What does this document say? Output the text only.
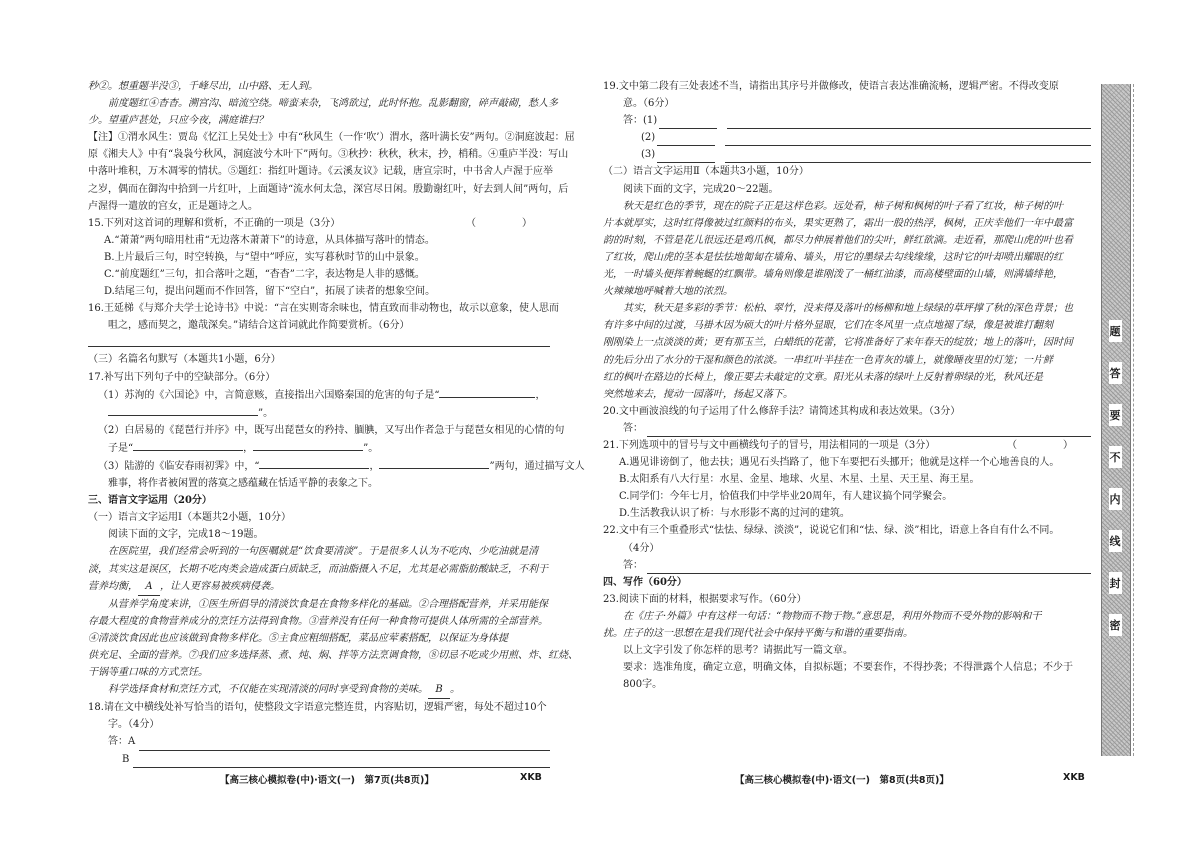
秒②。想重题半没③，千峰尽出，山中路、无人到。
前度题红④杳杳。溯宫沟、暗流空绕。啼蛮来杂，飞鸿欲过，此时怀抱。乱影翻窗，碎声敲砌，愁人多
少。望重庐甚处，只应今夜，满庭谁扫？
【注】①渭水风生：贾岛《忆江上吴处士》中有“秋风生（一作‘吹’）渭水，落叶满长安”两句。②洞庭波起：屈
原《湘夫人》中有“袅袅兮秋风，洞庭波兮木叶下”两句。③秋抄：秋秋，秋末，抄，梢稍。④重庐半没：写山
中落叶堆积，万木凋零的情状。⑤题红：指红叶题诗。《云溪友议》记载，唐宣宗时，中书舍人卢渥于应举
之岁，偶而在御沟中拾到一片红叶，上面题诗“流水何太急，深宫尽日闲。殷勤谢红叶，好去到人间”两句，后
卢渥得一遣放的宫女，正是题诗之人。
（　）
15.下列对这首词的理解和赏析，不正确的一项是（3分）
A.“萧萧”两句暗用杜甫“无边落木萧萧下”的诗意，从具体描写落叶的情态。
B.上片最后三句，时空转换，与“望中”呼应，实写暮秋时节的山中景象。
C.“前度题红”三句，扣合落叶之题，“杳杳”二字，表达物是人非的感慨。
D.结尾三句，提出问题而不作回答，留下“空白”，拓展了读者的想象空间。
16.王延梯《与郑介夫学士论诗书》中说：“言在实则寄余味也，情直致而非动物也，故示以意象，使人思而
咀之，感而契之，邀哉深矣。”请结合这首词就此作简要赏析。（6分）
（三）名篇名句默写（本题共1小题，6分）
17.补写出下列句子中的空缺部分。（6分）
（1）苏洵的《六国论》中，言简意赅，直接指出六国赂秦国的危害的句子是“	，
”。
（2）白居易的《琵琶行并序》中，既写出琵琶女的矜持、腼腆，又写出作者急于与琵琶女相见的心情的句
子是“	，	”。
（3）陆游的《临安春雨初霁》中，“	，	”两句，通过描写文人
雅事，将作者被闲置的落寞之感蕴藏在恬适平静的表象之下。
三、语言文字运用（20分）
（一）语言文字运用Ⅰ（本题共2小题，10分）
阅读下面的文字，完成18～19题。
在医院里，我们经常会听到的一句医嘱就是“饮食要清淡”。于是很多人认为不吃肉、少吃油就是清
淡，其实这是误区，长期不吃肉类会造成蛋白质缺乏，而油脂摄入不足，尤其是必需脂肪酸缺乏，不利于
营养均衡， A ，让人更容易被疾病侵袭。
从营养学角度来讲，①医生所倡导的清淡饮食是在食物多样化的基础。②合理搭配营养，并采用能保
存最大程度的食物营养成分的烹饪方法得到食物。③营养没有任何一种食物可提供人体所需的全部营养。
④清淡饮食因此也应该做到食物多样化。⑤主食应粗细搭配，菜品应荤素搭配，以保证为身体提
供充足、全面的营养。⑦我们应多选择蒸、煮、炖、焖、拌等方法烹调食物，⑧切忌不吃或少用煎、炸、红烧、
干锅等重口味的方式烹饪。
科学选择食材和烹饪方式，不仅能在实现清淡的同时享受到食物的美味。 B 。
18.请在文中横线处补写恰当的语句，使整段文字语意完整连贯，内容贴切，逻辑严密，每处不超过10个
字。（4分）
答：A
B
19.文中第二段有三处表述不当，请指出其序号并做修改，使语言表达准确流畅，逻辑严密。不得改变原
意。（6分）
答：(1)
(2)
(3)
（二）语言文字运用Ⅱ（本题共3小题，10分）
阅读下面的文字，完成20～22题。
秋天是红色的季节，现在的院子正是这样色彩。远处看，柿子树和枫树的叶子看了红妆，柿子树的叶
片本就厚实，这时红得像被过红颜料的布头，果实更熟了，霜出一股的热浮，枫树，正庆幸他们一年中最富
韵的时刻，不管是花儿很远还是鸡爪枫，都尽力伸展着他们的尖叶，鲜红欲滴。走近看，那爬山虎的叶也看
了红妆，爬山虎的茎本是怯怯地匍匐在墙角、墙头，用它的墨绿去勾线缘缘，这时它的叶却喷出耀眼的红
光，一时墙头便挥着蜿蜒的红飘带。墙角则像是谁刚泼了一桶红油漆，而高楼壁面的山墙，则满墙绯艳，
火辣辣地呼喊着大地的浓烈。
其实，秋天是多彩的季节：松柏、翠竹，没来得及落叶的杨柳和地上绿绿的草坪撑了秋的深色背景；也
有许多中间的过渡，马褂木因为硕大的叶片格外显眼，它们在冬风里一点点地褪了绿，像是被谁打翻刻
刚刚染上一点淡淡的黄；更有那玉兰，白蜡纸的花蕾，它将准备好了来年春天的绽放；地上的落叶，因时间
的先后分出了水分的干湿和颜色的浓淡。一串红叶半挂在一色青灰的墙上，就像睡夜里的灯笼；一片鲜
红的枫叶在路边的长椅上，像正要去未敲定的文章。阳光从未落的绿叶上反射着卵绿的光，秋风还是
突然地来去，搅动一园落叶，扬起又落下。
20.文中画波浪线的句子运用了什么修辞手法？请简述其构成和表达效果。（3分）
答：
（　）
21.下列选项中的冒号与文中画横线句子的冒号，用法相同的一项是（3分）
A.遇见诽谤倒了，他去扶；遇见石头挡路了，他下车要把石头挪开；他就是这样一个心地善良的人。
B.太阳系有八大行星：水星、金星、地球、火星、木星、土星、天王星、海王星。
C.同学们：今年七月，恰值我们中学毕业20周年，有人建议搞个同学聚会。
D.生活教我认识了桥：与水形影不离的过河的建筑。
22.文中有三个重叠形式“怯怯、绿绿、淡淡”，说说它们和“怯、绿、淡”相比，语意上各自有什么不同。
（4分）
答：
四、写作（60分）
23.阅读下面的材料，根据要求写作。（60分）
在《庄子·外篇》中有这样一句话：“物物而不物于物。”意思是，利用外物而不受外物的影响和干
扰。庄子的这一思想在是我们现代社会中保持平衡与和谐的重要指南。
以上文字引发了你怎样的思考？请据此写一篇文章。
要求：选准角度，确定立意，明确文体，自拟标题；不要套作，不得抄袭；不得泄露个人信息；不少于
800字。
【高三核心模拟卷(中)·语文(一)　第7页(共8页)】	XKB	【高三核心模拟卷(中)·语文(一)　第8页(共8页)】	XKB
题
答
要
不
内
线
封
密
